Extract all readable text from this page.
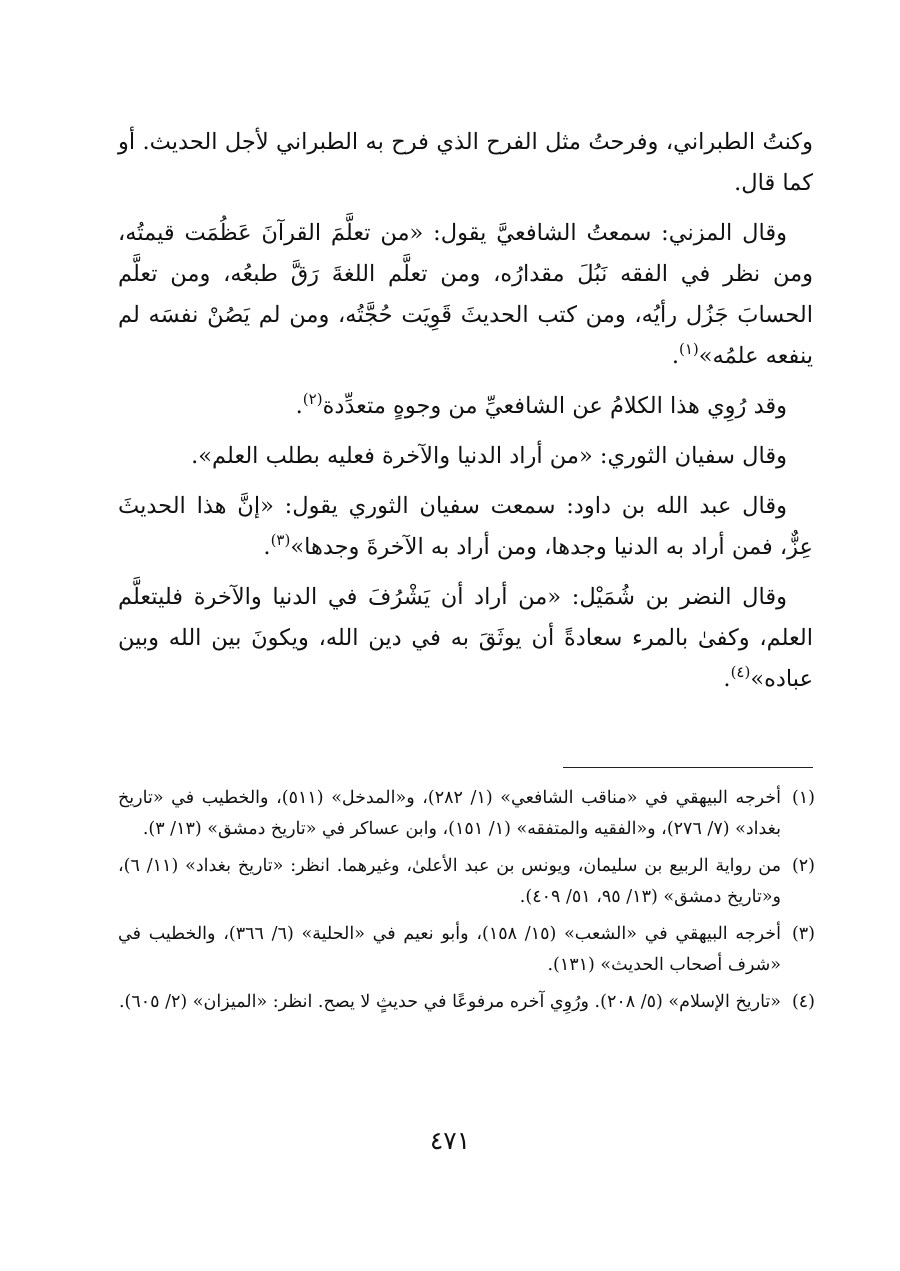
وكنتُ الطبراني، وفرحتُ مثل الفرح الذي فرح به الطبراني لأجل الحديث. أو كما قال.

وقال المزني: سمعتُ الشافعيَّ يقول: «من تعلَّمَ القرآنَ عَظُمَت قيمتُه، ومن نظر في الفقه نَبُلَ مقدارُه، ومن تعلَّم اللغةَ رَقَّ طبعُه، ومن تعلَّم الحسابَ جَزُل رأيُه، ومن كتب الحديثَ قَوِيَت حُجَّتُه، ومن لم يَصُنْ نفسَه لم ينفعه علمُه»$^{(١)}$.

وقد رُوِي هذا الكلامُ عن الشافعيِّ من وجوهٍ متعدِّدة$^{(٢)}$.

وقال سفيان الثوري: «من أراد الدنيا والآخرة فعليه بطلب العلم».

وقال عبد الله بن داود: سمعت سفيان الثوري يقول: «إنَّ هذا الحديثَ عِزٌّ، فمن أراد به الدنيا وجدها، ومن أراد به الآخرةَ وجدها»$^{(٣)}$.

وقال النضر بن شُمَيْل: «من أراد أن يَشْرُفَ في الدنيا والآخرة فليتعلَّم العلم، وكفىٰ بالمرء سعادةً أن يوثَقَ به في دين الله، ويكونَ بين الله وبين عباده»$^{(٤)}$.

(١)
أخرجه البيهقي في «مناقب الشافعي» (١/ ٢٨٢)، و«المدخل» (٥١١)، والخطيب في «تاريخ بغداد» (٧/ ٢٧٦)، و«الفقيه والمتفقه» (١/ ١٥١)، وابن عساكر في «تاريخ دمشق» (١٣/ ٣).
(٢)
من رواية الربيع بن سليمان، ويونس بن عبد الأعلىٰ، وغيرهما. انظر: «تاريخ بغداد» (١١/ ٦)، و«تاريخ دمشق» (١٣/ ٩٥، ٥١/ ٤٠٩).
(٣)
أخرجه البيهقي في «الشعب» (١٥/ ١٥٨)، وأبو نعيم في «الحلية» (٦/ ٣٦٦)، والخطيب في «شرف أصحاب الحديث» (١٣١).
(٤)
«تاريخ الإسلام» (٥/ ٢٠٨). ورُوِي آخره مرفوعًا في حديثٍ لا يصح. انظر: «الميزان» (٢/ ٦٠٥).
٤٧١
